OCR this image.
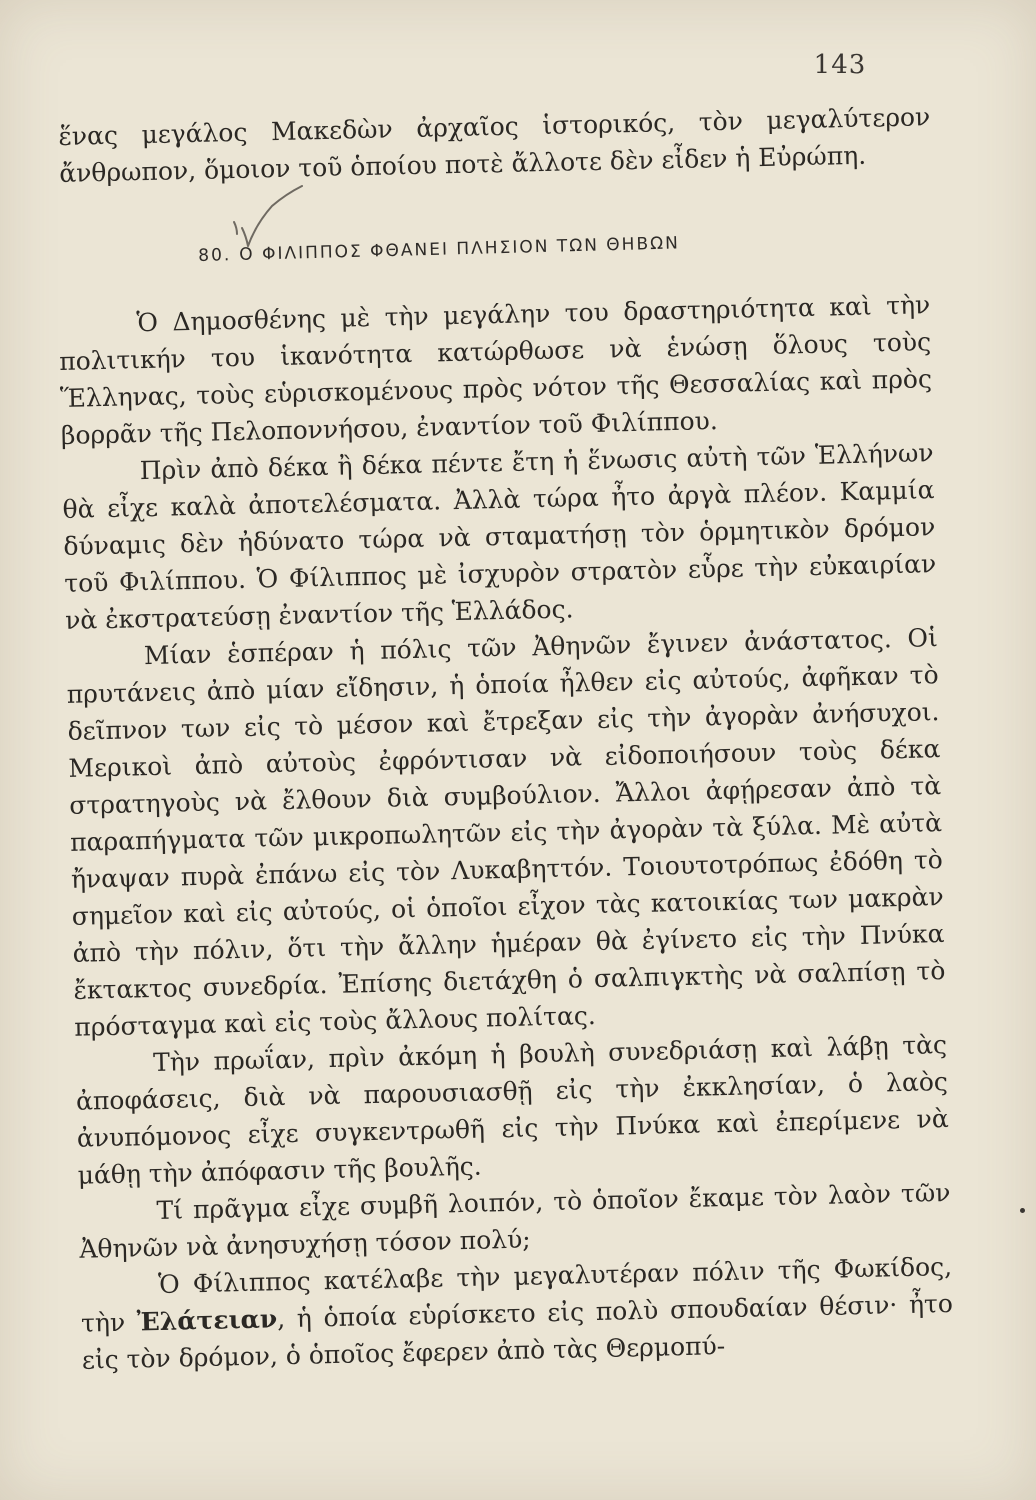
143

ἕνας μεγάλος Μακεδὼν ἀρχαῖος ἱστορικός, τὸν μεγαλύτερον ἄνθρωπον, ὅμοιον τοῦ ὁποίου ποτὲ ἄλλοτε δὲν εἶδεν ἡ Εὐρώπη.

80. Ο ΦΙΛΙΠΠΟΣ ΦΘΑΝΕΙ ΠΛΗΣΙΟΝ ΤΩΝ ΘΗΒΩΝ

Ὁ Δημοσθένης μὲ τὴν μεγάλην του δραστηριότητα καὶ τὴν πολιτικήν του ἱκανότητα κατώρθωσε νὰ ἑνώσῃ ὅλους τοὺς Ἕλληνας, τοὺς εὑρισκομένους πρὸς νότον τῆς Θεσσαλίας καὶ πρὸς βορρᾶν τῆς Πελοποννήσου, ἐναντίον τοῦ Φιλίππου.

Πρὶν ἀπὸ δέκα ἢ δέκα πέντε ἔτη ἡ ἕνωσις αὐτὴ τῶν Ἑλλήνων θὰ εἶχε καλὰ ἀποτελέσματα. Ἀλλὰ τώρα ἦτο ἀργὰ πλέον. Καμμία δύναμις δὲν ἠδύνατο τώρα νὰ σταματήσῃ τὸν ὁρμητικὸν δρόμον τοῦ Φιλίππου. Ὁ Φίλιππος μὲ ἰσχυρὸν στρατὸν εὗρε τὴν εὐκαιρίαν νὰ ἐκστρατεύσῃ ἐναντίον τῆς Ἑλλάδος.

Μίαν ἑσπέραν ἡ πόλις τῶν Ἀθηνῶν ἔγινεν ἀνάστατος. Οἱ πρυτάνεις ἀπὸ μίαν εἴδησιν, ἡ ὁποία ἦλθεν εἰς αὐτούς, ἀφῆκαν τὸ δεῖπνον των εἰς τὸ μέσον καὶ ἔτρεξαν εἰς τὴν ἀγορὰν ἀνήσυχοι. Μερικοὶ ἀπὸ αὐτοὺς ἐφρόντισαν νὰ εἰδοποιήσουν τοὺς δέκα στρατηγοὺς νὰ ἔλθουν διὰ συμβούλιον. Ἄλλοι ἀφῄρεσαν ἀπὸ τὰ παραπήγματα τῶν μικροπωλητῶν εἰς τὴν ἀγορὰν τὰ ξύλα. Μὲ αὐτὰ ἤναψαν πυρὰ ἐπάνω εἰς τὸν Λυκαβηττόν. Τοιουτοτρόπως ἐδόθη τὸ σημεῖον καὶ εἰς αὐτούς, οἱ ὁποῖοι εἶχον τὰς κατοικίας των μακρὰν ἀπὸ τὴν πόλιν, ὅτι τὴν ἄλλην ἡμέραν θὰ ἐγίνετο εἰς τὴν Πνύκα ἔκτακτος συνεδρία. Ἐπίσης διετάχθη ὁ σαλπιγκτὴς νὰ σαλπίσῃ τὸ πρόσταγμα καὶ εἰς τοὺς ἄλλους πολίτας.

Τὴν πρωΐαν, πρὶν ἀκόμη ἡ βουλὴ συνεδριάσῃ καὶ λάβῃ τὰς ἀποφάσεις, διὰ νὰ παρουσιασθῇ εἰς τὴν ἐκκλησίαν, ὁ λαὸς ἀνυπόμονος εἶχε συγκεντρωθῆ εἰς τὴν Πνύκα καὶ ἐπερίμενε νὰ μάθῃ τὴν ἀπόφασιν τῆς βουλῆς.

Τί πρᾶγμα εἶχε συμβῆ λοιπόν, τὸ ὁποῖον ἔκαμε τὸν λαὸν τῶν Ἀθηνῶν νὰ ἀνησυχήσῃ τόσον πολύ;

Ὁ Φίλιππος κατέλαβε τὴν μεγαλυτέραν πόλιν τῆς Φωκίδος, τὴν Ἐλάτειαν, ἡ ὁποία εὑρίσκετο εἰς πολὺ σπουδαίαν θέσιν· ἦτο εἰς τὸν δρόμον, ὁ ὁποῖος ἔφερεν ἀπὸ τὰς Θερμοπύ-
